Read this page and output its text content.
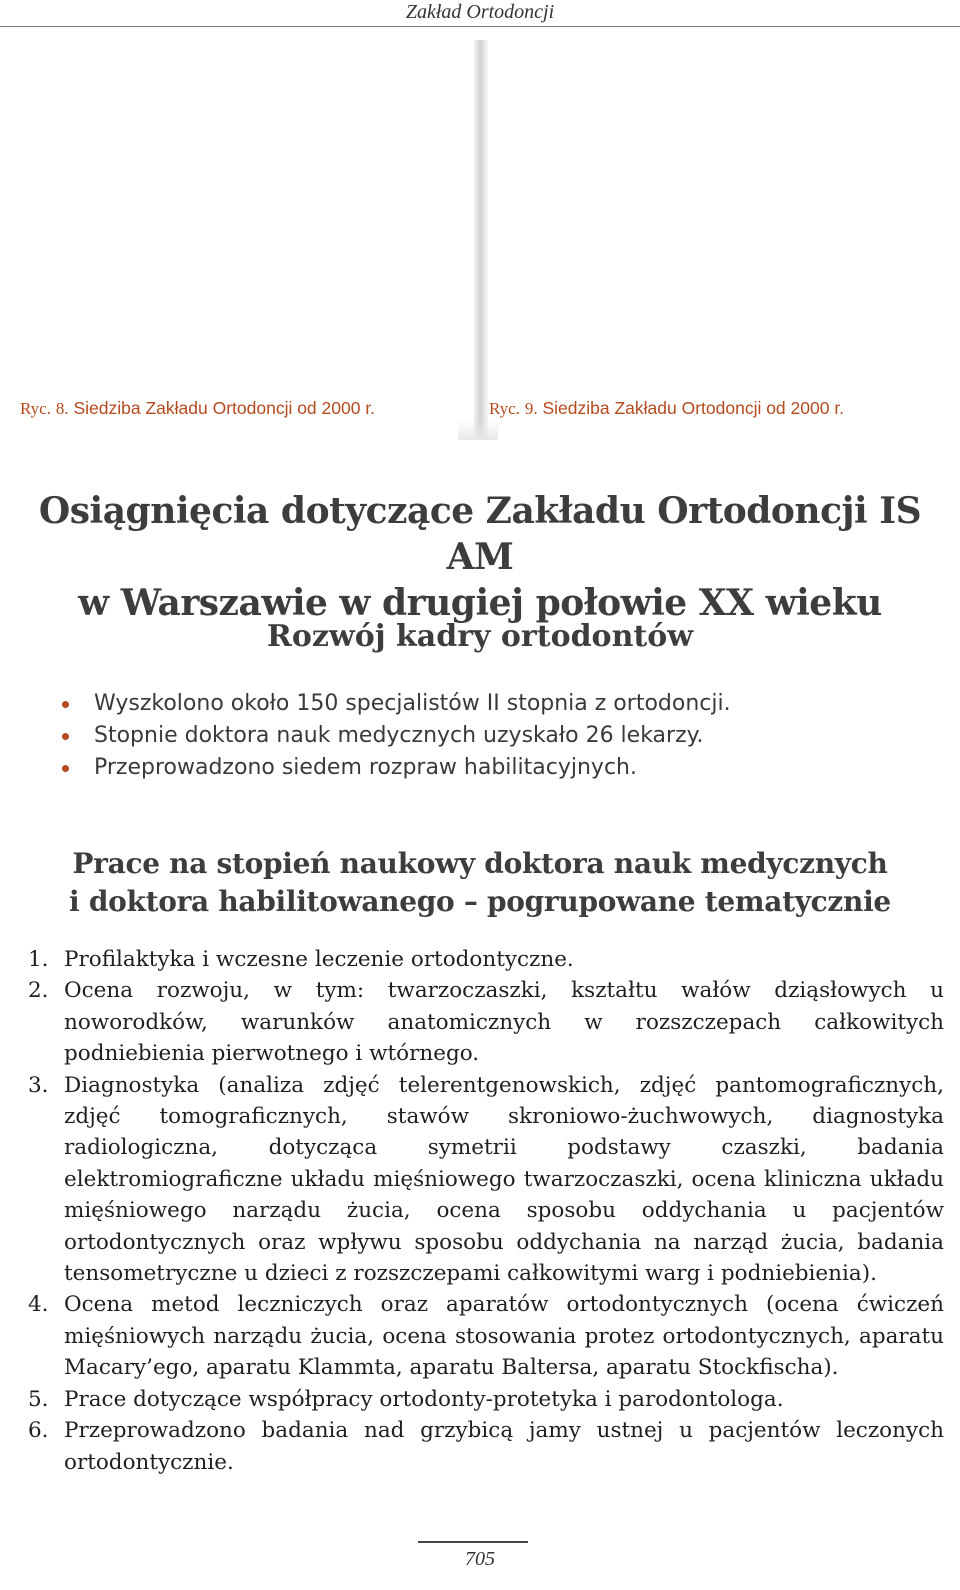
Zakład Ortodoncji
Ryc. 8. Siedziba Zakładu Ortodoncji od 2000 r.	Ryc. 9. Siedziba Zakładu Ortodoncji od 2000 r.
Osiągnięcia dotyczące Zakładu Ortodoncji IS AM
w Warszawie w drugiej połowie XX wieku
Rozwój kadry ortodontów
Wyszkolono około 150 specjalistów II stopnia z ortodoncji.
Stopnie doktora nauk medycznych uzyskało 26 lekarzy.
Przeprowadzono siedem rozpraw habilitacyjnych.
Prace na stopień naukowy doktora nauk medycznych
i doktora habilitowanego – pogrupowane tematycznie
1. Profilaktyka i wczesne leczenie ortodontyczne.
2. Ocena rozwoju, w tym: twarzoczaszki, kształtu wałów dziąsłowych u noworodków, warunków anatomicznych w rozszczepach całkowitych podniebienia pierwotnego i wtórnego.
3. Diagnostyka (analiza zdjęć telerentgenowskich, zdjęć pantomograficznych, zdjęć tomograficznych, stawów skroniowo-żuchwowych, diagnostyka radiologiczna, dotycząca symetrii podstawy czaszki, badania elektromiograficzne układu mięśniowego twarzoczaszki, ocena kliniczna układu mięśniowego narządu żucia, ocena sposobu oddychania u pacjentów ortodontycznych oraz wpływu sposobu oddychania na narząd żucia, badania tensometryczne u dzieci z rozszczepami całkowitymi warg i podniebienia).
4. Ocena metod leczniczych oraz aparatów ortodontycznych (ocena ćwiczeń mięśniowych narządu żucia, ocena stosowania protez ortodontycznych, aparatu Macary’ego, aparatu Klammta, aparatu Baltersa, aparatu Stockfischa).
5. Prace dotyczące współpracy ortodonty-protetyka i parodontologa.
6. Przeprowadzono badania nad grzybicą jamy ustnej u pacjentów leczonych ortodontycznie.
705
